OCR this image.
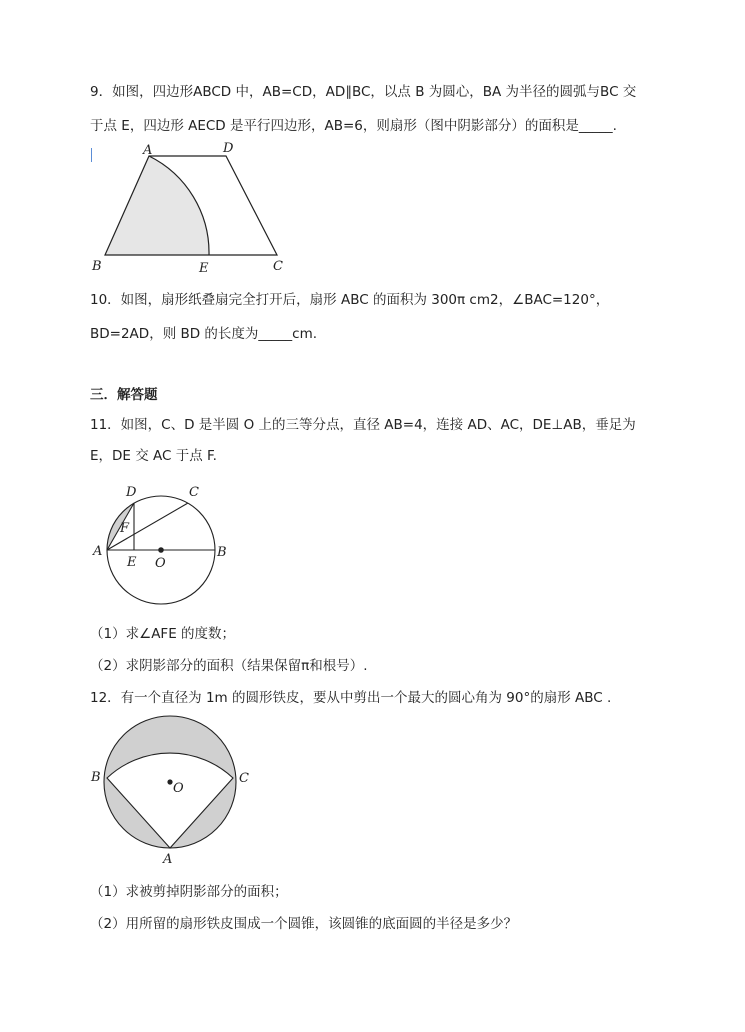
9．如图，四边形ABCD 中，AB=CD，AD∥BC，以点 B 为圆心，BA 为半径的圆弧与BC 交
于点 E，四边形 AECD 是平行四边形，AB=6，则扇形（图中阴影部分）的面积是_____.
A	D
B	E	C
10．如图，扇形纸叠扇完全打开后，扇形 ABC 的面积为 300π cm2，∠BAC=120°，
BD=2AD，则 BD 的长度为_____cm.
三．解答题
11．如图，C、D 是半圆 O 上的三等分点，直径 AB=4，连接 AD、AC，DE⊥AB，垂足为
E，DE 交 AC 于点 F.
D	C
F
A
E O
B
（1）求∠AFE 的度数；
（2）求阴影部分的面积（结果保留π和根号）.
12．有一个直径为 1m 的圆形铁皮，要从中剪出一个最大的圆心角为 90°的扇形 ABC .
B	C
O
A
（1）求被剪掉阴影部分的面积；
（2）用所留的扇形铁皮围成一个圆锥，该圆锥的底面圆的半径是多少？
